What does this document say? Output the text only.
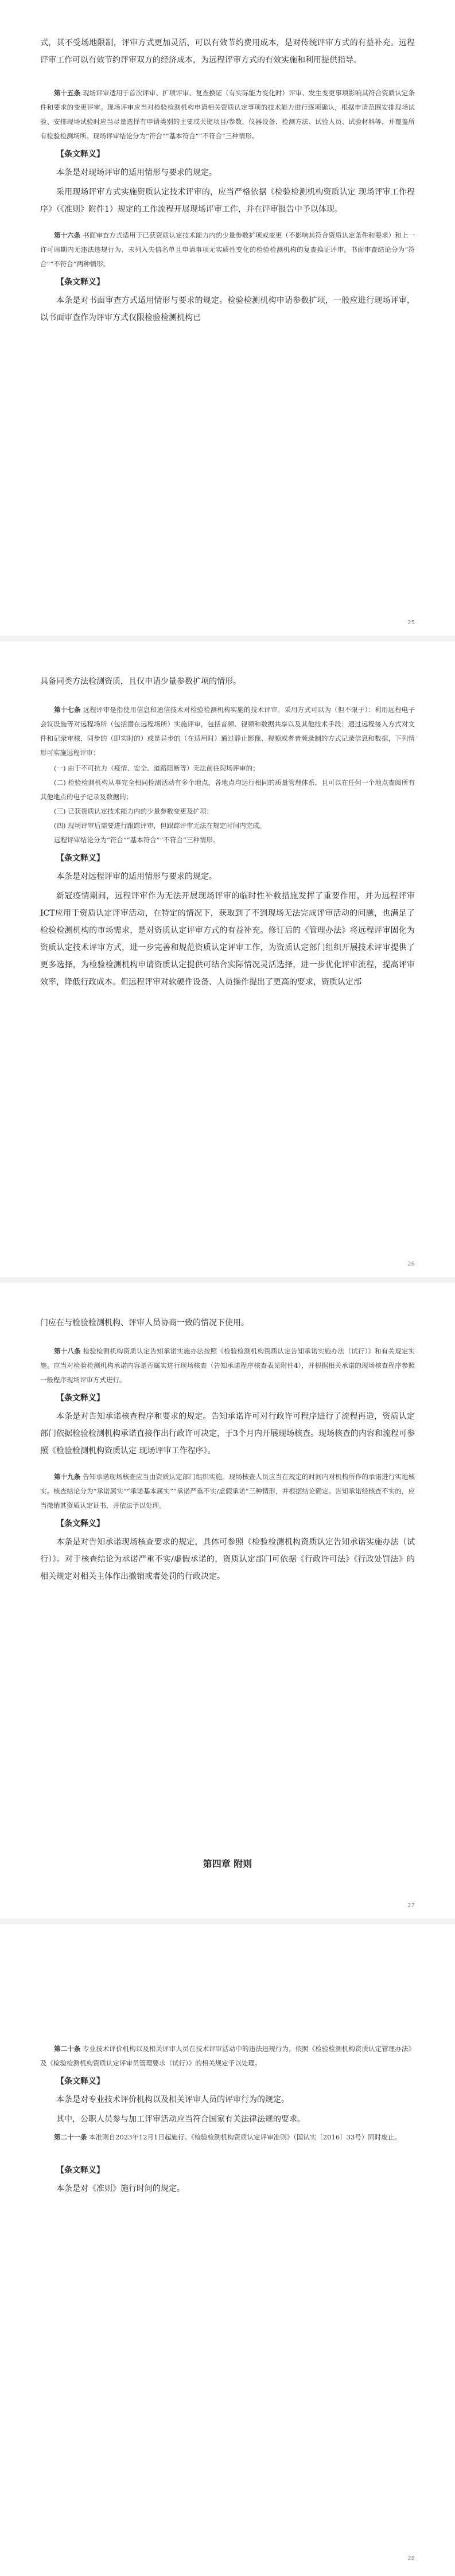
式，其不受场地限制，评审方式更加灵活，可以有效节约费用成本，是对传统评审方式的有益补充。远程评审工作可以有效节约评审双方的经济成本，为远程评审方式的有效实施和利用提供指导。

第十五条 现场评审适用于首次评审、扩项评审、复查换证（有实际能力变化时）评审、发生变更事项影响其符合资质认定条件和要求的变更评审。现场评审应当对检验检测机构申请相关资质认定事项的技术能力进行逐项确认，根据申请范围安排现场试验、安排现场试验时应当尽量选择有申请类别的主要或关键项目/参数，仪器设备、检测方法、试验人员、试验材料等，并覆盖所有检验检测场所。现场评审结论分为“符合”“基本符合”“不符合”三种情形。

【条文释义】

本条是对现场评审的适用情形与要求的规定。

采用现场评审方式实施资质认定技术评审的，应当严格依据《检验检测机构资质认定 现场评审工作程序》（《准则》附件1）规定的工作流程开展现场评审工作，并在评审报告中予以体现。

第十六条 书面审查方式适用于已获资质认定技术能力内的少量参数扩项或变更（不影响其符合资质认定条件和要求）和上一许可周期内无违法违规行为、未列入失信名单且申请事项无实质性变化的检验检测机构的复查换证评审。书面审查结论分为“符合”“不符合”两种情形。

【条文释义】

本条是对书面审查方式适用情形与要求的规定。检验检测机构申请参数扩项，一般应进行现场评审，以书面审查作为评审方式仅限检验检测机构已

25

具备同类方法检测资质，且仅申请少量参数扩项的情形。

第十七条 远程评审是指使用信息和通信技术对检验检测机构实施的技术评审。采用方式可以为（但不限于）：利用远程电子会议设施等对远程场所（包括潜在远程场所）实施评审，包括音频、视频和数据共享以及其他技术手段；通过远程接入方式对文件和记录审核，同步的（即实时的）或是异步的（在适用时）通过静止影像、视频或者音频录制的方式记录信息和数据，下列情形可实施远程评审：

(一) 由于不可抗力（疫情、安全、道路阻断等）无法前往现场评审的；

(二) 检验检测机构从事完全相同检测活动有多个地点，各地点均运行相同的质量管理体系，且可以在任何一个地点查阅所有其他地点的电子记录及数据的；

(三) 已获资质认定技术能力内的少量参数变更及扩项；

(四) 现场评审后需要进行跟踪评审，但跟踪评审无法在规定时间内完成。

远程评审结论分为“符合”“基本符合”“不符合”三种情形。

【条文释义】

本条是对远程评审的适用情形与要求的规定。

新冠疫情期间，远程评审作为无法开展现场评审的临时性补救措施发挥了重要作用，并为远程评审ICT应用于资质认定评审活动，在特定的情况下，获取到了不到现场无法完成评审活动的问题，也满足了检验检测机构的市场需求，是对资质认定评审方式的有益补充。修订后的《管理办法》将远程评审固化为资质认定技术评审方式，进一步完善和规范资质认定评审工作，为资质认定部门组织开展技术评审提供了更多选择，为检验检测机构申请资质认定提供可结合实际情况灵活选择，进一步优化评审流程，提高评审效率，降低行政成本。但远程评审对软硬件设备、人员操作提出了更高的要求，资质认定部

26

门应在与检验检测机构、评审人员协商一致的情况下使用。

第十八条 检验检测机构资质认定告知承诺实施办法按照《检验检测机构资质认定告知承诺实施办法（试行）》和有关规定实施。应当对检验检测机构承诺内容是否属实进行现场核查（告知承诺程序核查表见附件4），并根据相关承诺的现场核查程序参照一般程序现场评审方式进行。

【条文释义】

本条是对告知承诺核查程序和要求的规定。告知承诺许可对行政许可程序进行了流程再造，资质认定部门依据检验检测机构承诺直接作出行政许可决定，于3个月内开展现场核查。现场核查的内容和流程可参照《检验检测机构资质认定 现场评审工作程序》。

第十九条 告知承诺现场核查应当由资质认定部门组织实施。现场核查人员应当在规定的时间内对机构所作的承诺进行实地核实。核查结论分为“承诺属实”“承诺基本属实”“承诺严重不实/虚假承诺”三种情形，并根据结论确定。告知承诺经核查不实的，应当撤销其资质认定证书，并依法予以处理。

【条文释义】

本条是对告知承诺现场核查要求的规定，具体可参照《检验检测机构资质认定告知承诺实施办法（试行）》。对于核查结论为承诺严重不实/虚假承诺的，资质认定部门可依据《行政许可法》《行政处罚法》的相关规定对相关主体作出撤销或者处罚的行政决定。

第四章 附则
27

第二十条 专业技术评价机构以及相关评审人员在技术评审活动中的违法违规行为，依照《检验检测机构资质认定管理办法》及《检验检测机构资质认定评审员管理要求（试行）》的相关规定予以处理。

【条文释义】

本条是对专业技术评价机构以及相关评审人员的评审行为的规定。

其中，公职人员参与加工评审活动应当符合国家有关法律法规的要求。

第二十一条 本准则自2023年12月1日起施行。《检验检测机构资质认定评审准则》（国认实〔2016〕33号）同时废止。

【条文释义】

本条是对《准则》施行时间的规定。

28
